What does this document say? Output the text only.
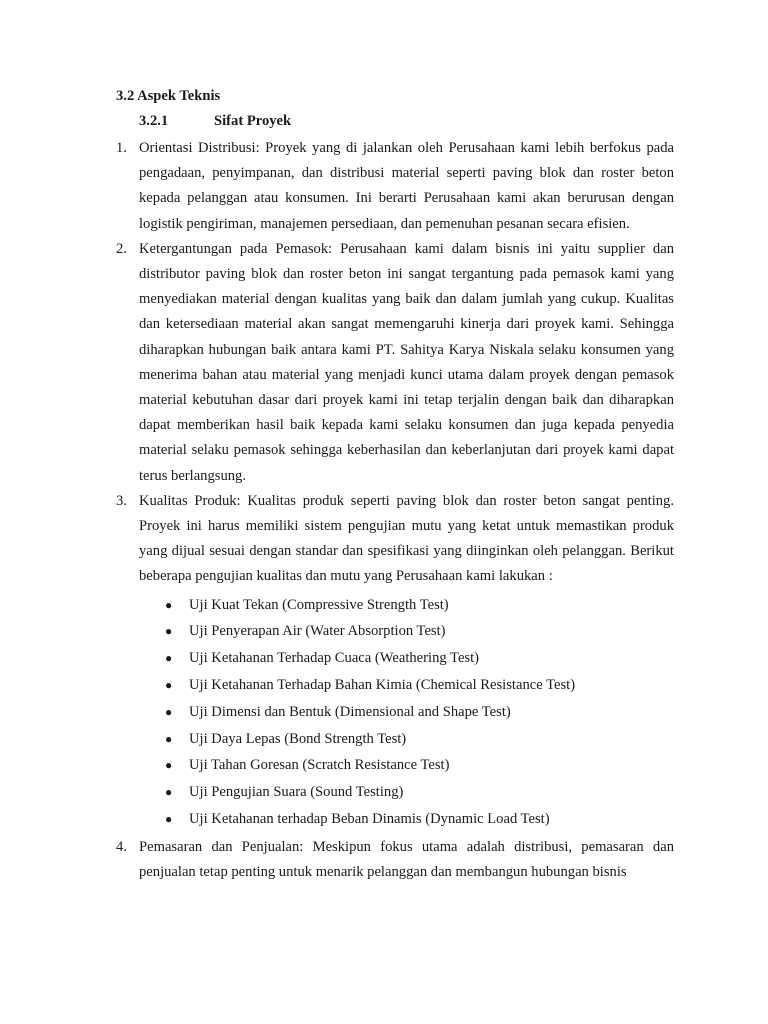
3.2 Aspek Teknis
3.2.1	Sifat Proyek
1. Orientasi Distribusi: Proyek yang di jalankan oleh Perusahaan kami lebih berfokus pada pengadaan, penyimpanan, dan distribusi material seperti paving blok dan roster beton kepada pelanggan atau konsumen. Ini berarti Perusahaan kami akan berurusan dengan logistik pengiriman, manajemen persediaan, dan pemenuhan pesanan secara efisien.
2. Ketergantungan pada Pemasok: Perusahaan kami dalam bisnis ini yaitu supplier dan distributor paving blok dan roster beton ini sangat tergantung pada pemasok kami yang menyediakan material dengan kualitas yang baik dan dalam jumlah yang cukup. Kualitas dan ketersediaan material akan sangat memengaruhi kinerja dari proyek kami. Sehingga diharapkan hubungan baik antara kami PT. Sahitya Karya Niskala selaku konsumen yang menerima bahan atau material yang menjadi kunci utama dalam proyek dengan pemasok material kebutuhan dasar dari proyek kami ini tetap terjalin dengan baik dan diharapkan dapat memberikan hasil baik kepada kami selaku konsumen dan juga kepada penyedia material selaku pemasok sehingga keberhasilan dan keberlanjutan dari proyek kami dapat terus berlangsung.
3. Kualitas Produk: Kualitas produk seperti paving blok dan roster beton sangat penting. Proyek ini harus memiliki sistem pengujian mutu yang ketat untuk memastikan produk yang dijual sesuai dengan standar dan spesifikasi yang diinginkan oleh pelanggan. Berikut beberapa pengujian kualitas dan mutu yang Perusahaan kami lakukan :
● Uji Kuat Tekan (Compressive Strength Test)
● Uji Penyerapan Air (Water Absorption Test)
● Uji Ketahanan Terhadap Cuaca (Weathering Test)
● Uji Ketahanan Terhadap Bahan Kimia (Chemical Resistance Test)
● Uji Dimensi dan Bentuk (Dimensional and Shape Test)
● Uji Daya Lepas (Bond Strength Test)
● Uji Tahan Goresan (Scratch Resistance Test)
● Uji Pengujian Suara (Sound Testing)
● Uji Ketahanan terhadap Beban Dinamis (Dynamic Load Test)
4. Pemasaran dan Penjualan: Meskipun fokus utama adalah distribusi, pemasaran dan penjualan tetap penting untuk menarik pelanggan dan membangun hubungan bisnis
